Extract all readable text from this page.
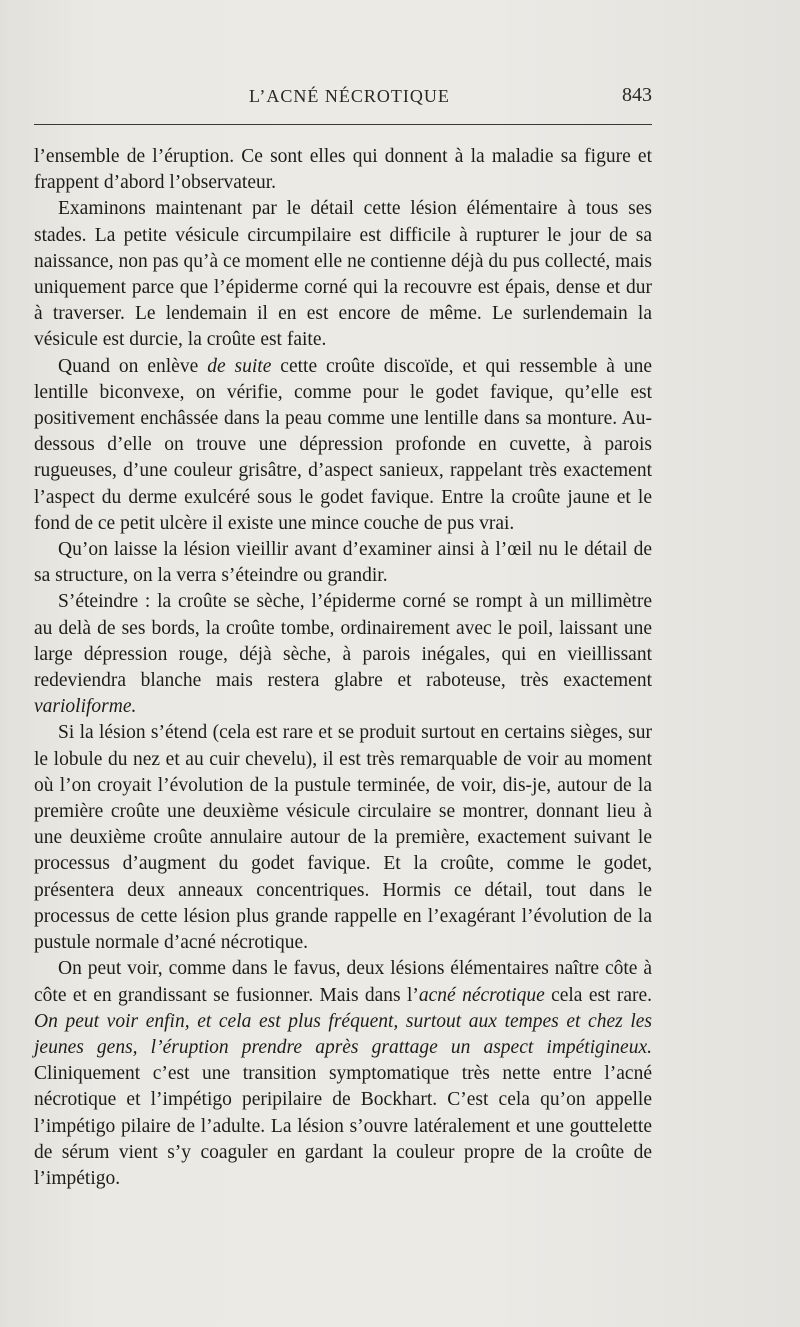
L’ACNÉ NÉCROTIQUE	843

l’ensemble de l’éruption. Ce sont elles qui donnent à la maladie sa figure et frappent d’abord l’observateur.

Examinons maintenant par le détail cette lésion élémentaire à tous ses stades. La petite vésicule circumpilaire est difficile à rupturer le jour de sa naissance, non pas qu’à ce moment elle ne contienne déjà du pus collecté, mais uniquement parce que l’épiderme corné qui la recouvre est épais, dense et dur à traverser. Le lendemain il en est encore de même. Le surlendemain la vésicule est durcie, la croûte est faite.

Quand on enlève de suite cette croûte discoïde, et qui ressemble à une lentille biconvexe, on vérifie, comme pour le godet favique, qu’elle est positivement enchâssée dans la peau comme une lentille dans sa monture. Au-dessous d’elle on trouve une dépression profonde en cuvette, à parois rugueuses, d’une couleur grisâtre, d’aspect sanieux, rappelant très exactement l’aspect du derme exulcéré sous le godet favique. Entre la croûte jaune et le fond de ce petit ulcère il existe une mince couche de pus vrai.

Qu’on laisse la lésion vieillir avant d’examiner ainsi à l’œil nu le détail de sa structure, on la verra s’éteindre ou grandir.

S’éteindre : la croûte se sèche, l’épiderme corné se rompt à un millimètre au delà de ses bords, la croûte tombe, ordinairement avec le poil, laissant une large dépression rouge, déjà sèche, à parois inégales, qui en vieillissant redeviendra blanche mais restera glabre et raboteuse, très exactement varioliforme.

Si la lésion s’étend (cela est rare et se produit surtout en certains sièges, sur le lobule du nez et au cuir chevelu), il est très remarquable de voir au moment où l’on croyait l’évolution de la pustule terminée, de voir, dis-je, autour de la première croûte une deuxième vésicule circulaire se montrer, donnant lieu à une deuxième croûte annulaire autour de la première, exactement suivant le processus d’augment du godet favique. Et la croûte, comme le godet, présentera deux anneaux concentriques. Hormis ce détail, tout dans le processus de cette lésion plus grande rappelle en l’exagérant l’évolution de la pustule normale d’acné nécrotique.

On peut voir, comme dans le favus, deux lésions élémentaires naître côte à côte et en grandissant se fusionner. Mais dans l’acné nécrotique cela est rare. On peut voir enfin, et cela est plus fréquent, surtout aux tempes et chez les jeunes gens, l’éruption prendre après grattage un aspect impétigineux. Cliniquement c’est une transition symptomatique très nette entre l’acné nécrotique et l’impétigo peripilaire de Bockhart. C’est cela qu’on appelle l’impétigo pilaire de l’adulte. La lésion s’ouvre latéralement et une gouttelette de sérum vient s’y coaguler en gardant la couleur propre de la croûte de l’impétigo.
